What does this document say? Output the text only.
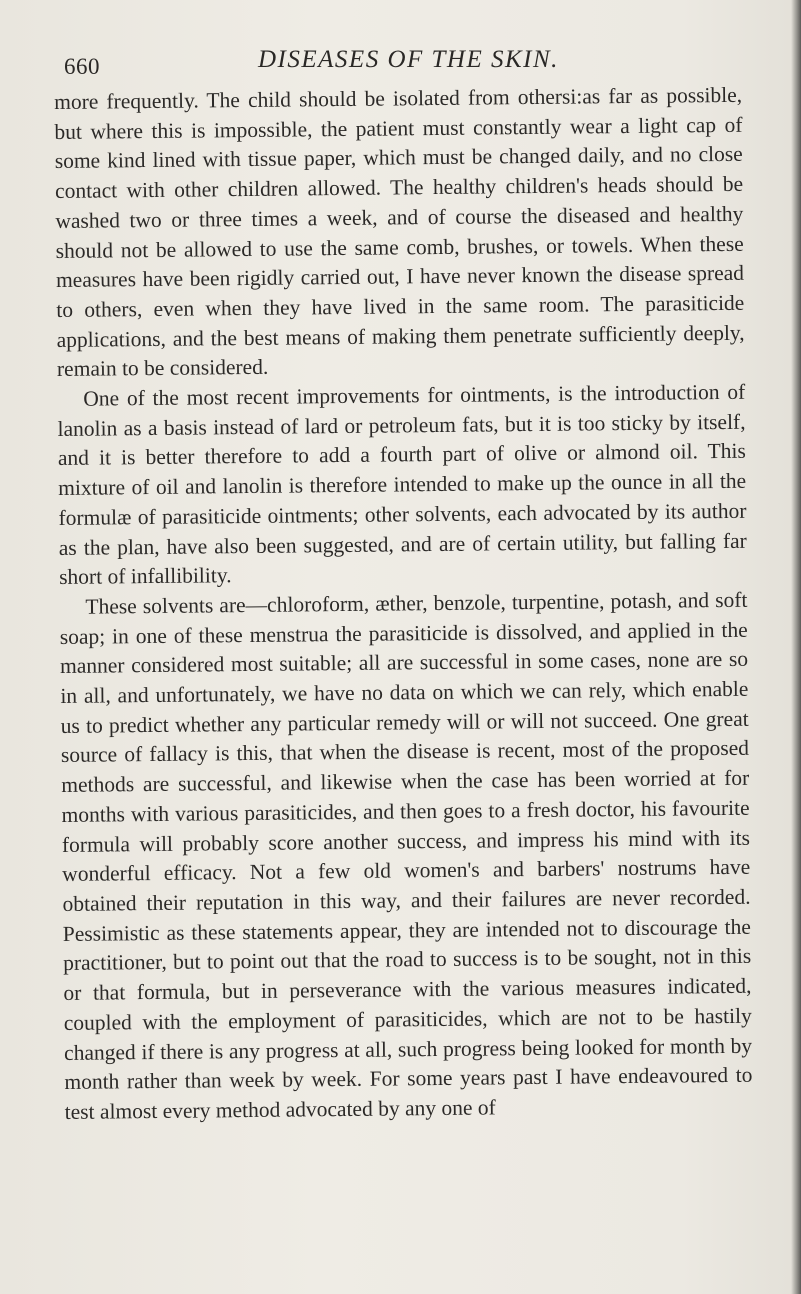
660	DISEASES OF THE SKIN.

more frequently. The child should be isolated from othersi:as far as possible, but where this is impossible, the patient must constantly wear a light cap of some kind lined with tissue paper, which must be changed daily, and no close contact with other children allowed. The healthy children's heads should be washed two or three times a week, and of course the diseased and healthy should not be allowed to use the same comb, brushes, or towels. When these measures have been rigidly carried out, I have never known the disease spread to others, even when they have lived in the same room. The parasiticide applications, and the best means of making them penetrate sufficiently deeply, remain to be considered.

One of the most recent improvements for ointments, is the introduction of lanolin as a basis instead of lard or petroleum fats, but it is too sticky by itself, and it is better therefore to add a fourth part of olive or almond oil. This mixture of oil and lanolin is therefore intended to make up the ounce in all the formulæ of parasiticide ointments; other solvents, each advocated by its author as the plan, have also been suggested, and are of certain utility, but falling far short of infallibility.

These solvents are—chloroform, æther, benzole, turpentine, potash, and soft soap; in one of these menstrua the parasiticide is dissolved, and applied in the manner considered most suitable; all are successful in some cases, none are so in all, and unfortunately, we have no data on which we can rely, which enable us to predict whether any particular remedy will or will not succeed. One great source of fallacy is this, that when the disease is recent, most of the proposed methods are successful, and likewise when the case has been worried at for months with various parasiticides, and then goes to a fresh doctor, his favourite formula will probably score another success, and impress his mind with its wonderful efficacy. Not a few old women's and barbers' nostrums have obtained their reputation in this way, and their failures are never recorded. Pessimistic as these statements appear, they are intended not to discourage the practitioner, but to point out that the road to success is to be sought, not in this or that formula, but in perseverance with the various measures indicated, coupled with the employment of parasiticides, which are not to be hastily changed if there is any progress at all, such progress being looked for month by month rather than week by week. For some years past I have endeavoured to test almost every method advocated by any one of
